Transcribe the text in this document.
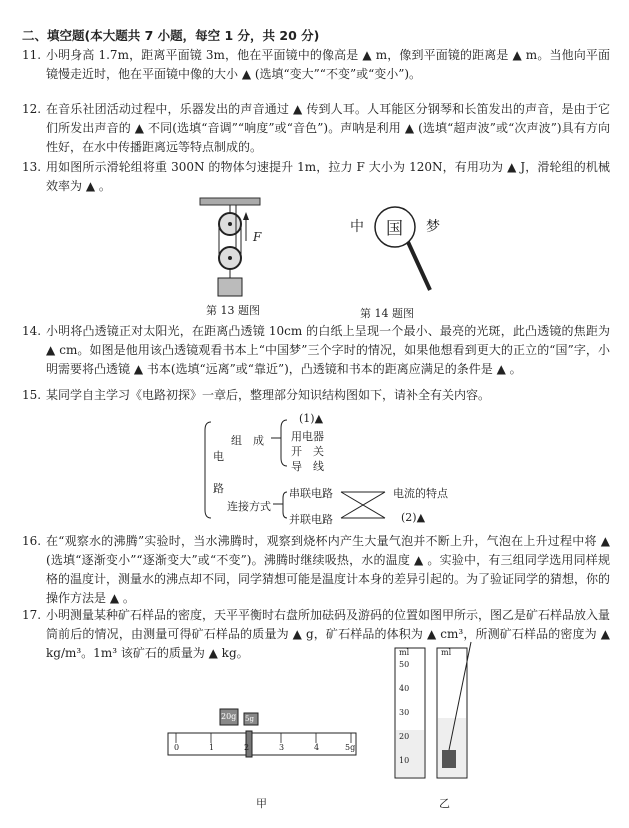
二、填空题(本大题共 7 小题，每空 1 分，共 20 分)
11. 小明身高 1.7m，距离平面镜 3m，他在平面镜中的像高是 ▲ m，像到平面镜的距离是 ▲ m。当他向平面镜慢走近时，他在平面镜中像的大小 ▲ (选填“变大”“不变”或“变小”)。
12. 在音乐社团活动过程中，乐器发出的声音通过 ▲ 传到人耳。人耳能区分钢琴和长笛发出的声音，是由于它们所发出声音的 ▲ 不同(选填“音调”“响度”或“音色”)。声呐是利用 ▲ (选填“超声波”或“次声波”)具有方向性好，在水中传播距离远等特点制成的。
13. 用如图所示滑轮组将重 300N 的物体匀速提升 1m，拉力 F 大小为 120N，有用功为 ▲ J，滑轮组的机械效率为 ▲ 。
F
第 13 题图
中 国 梦
第 14 题图
14. 小明将凸透镜正对太阳光，在距离凸透镜 10cm 的白纸上呈现一个最小、最亮的光斑，此凸透镜的焦距为 ▲ cm。如图是他用该凸透镜观看书本上“中国梦”三个字时的情况，如果他想看到更大的正立的“国”字，小明需要将凸透镜 ▲ 书本(选填“远离”或“靠近”)，凸透镜和书本的距离应满足的条件是 ▲ 。
15. 某同学自主学习《电路初探》一章后，整理部分知识结构图如下，请补全有关内容。
电
路
组　成
连接方式
(1)▲
用电器
开　关
导　线
串联电路
并联电路
电流的特点
(2)▲
16. 在“观察水的沸腾”实验时，当水沸腾时，观察到烧杯内产生大量气泡并不断上升，气泡在上升过程中将 ▲ (选填“逐渐变小”“逐渐变大”或“不变”)。沸腾时继续吸热，水的温度 ▲ 。实验中，有三组同学选用同样规格的温度计，测量水的沸点却不同，同学猜想可能是温度计本身的差异引起的。为了验证同学的猜想，你的操作方法是 ▲ 。
17. 小明测量某种矿石样品的密度，天平平衡时右盘所加砝码及游码的位置如图甲所示，图乙是矿石样品放入量筒前后的情况，由测量可得矿石样品的质量为 ▲ g，矿石样品的体积为 ▲ cm³，所测矿石样品的密度为 ▲ kg/m³。1m³ 该矿石的质量为 ▲ kg。
20g 5g
0	1	2	3	4	5g
甲
ml	ml
50
40
30
20
10
乙
